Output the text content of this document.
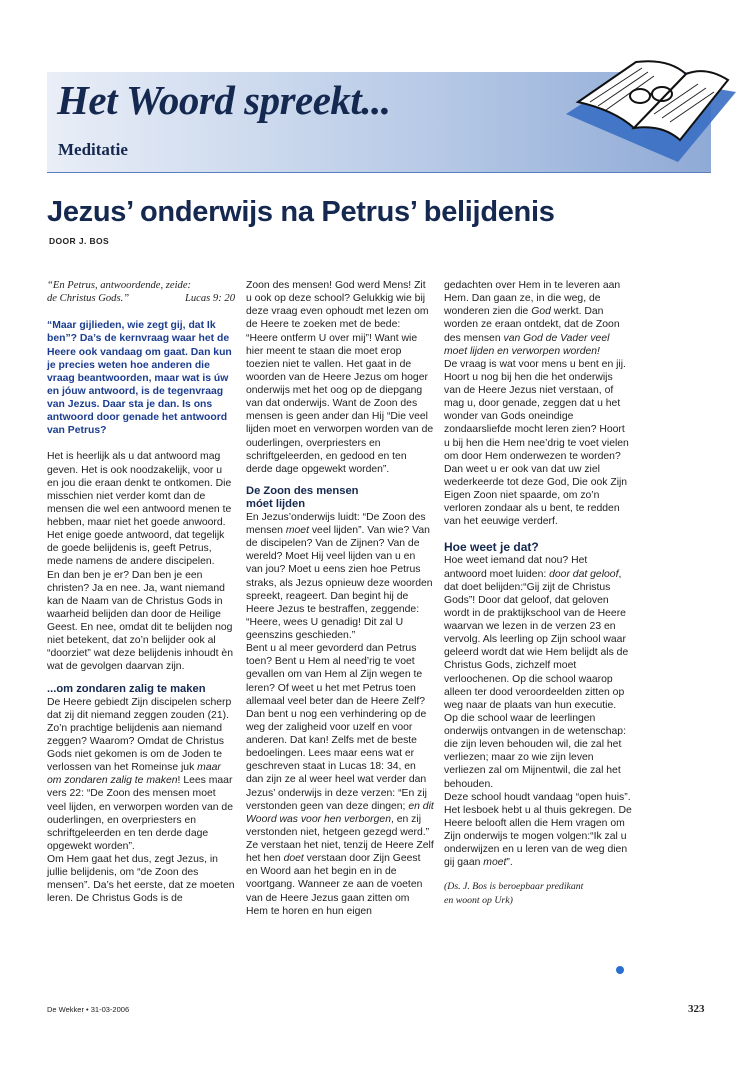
Het Woord spreekt...
Meditatie
Jezus’ onderwijs na Petrus’ belijdenis
DOOR J. BOS

“En Petrus, antwoordende, zeide:

de Christus Gods.”	Lucas 9: 20

“Maar gijlieden, wie zegt gij, dat Ik ben”? Da’s de kernvraag waar het de Heere ook vandaag om gaat. Dan kun je precies weten hoe anderen die vraag beantwoorden, maar wat is úw en jóuw antwoord, is de tegenvraag van Jezus. Daar sta je dan. Is ons antwoord door genade het antwoord van Petrus?

Het is heerlijk als u dat antwoord mag geven. Het is ook noodzakelijk, voor u en jou die eraan denkt te ontkomen. Die misschien niet verder komt dan de mensen die wel een antwoord menen te hebben, maar niet het goede anwoord. Het enige goede antwoord, dat tegelijk de goede belijdenis is, geeft Petrus, mede namens de andere discipelen.

En dan ben je er? Dan ben je een christen? Ja en nee. Ja, want niemand kan de Naam van de Christus Gods in waarheid belijden dan door de Heilige Geest. En nee, omdat dit te belijden nog niet betekent, dat zo’n belijder ook al “doorziet” wat deze belijdenis inhoudt èn wat de gevolgen daarvan zijn.

...om zondaren zalig te maken

De Heere gebiedt Zijn discipelen scherp dat zij dit niemand zeggen zouden (21). Zo’n prachtige belijdenis aan niemand zeggen? Waarom? Omdat de Christus Gods niet gekomen is om de Joden te verlossen van het Romeinse juk maar om zondaren zalig te maken! Lees maar vers 22: “De Zoon des mensen moet veel lijden, en verworpen worden van de ouderlingen, en overpriesters en schriftgeleerden en ten derde dage opgewekt worden”.

Om Hem gaat het dus, zegt Jezus, in jullie belijdenis, om “de Zoon des mensen”. Da’s het eerste, dat ze moeten leren. De Christus Gods is de

Zoon des mensen! God werd Mens! Zit u ook op deze school? Gelukkig wie bij deze vraag even ophoudt met lezen om de Heere te zoeken met de bede: “Heere ontferm U over mij”! Want wie hier meent te staan die moet erop toezien niet te vallen. Het gaat in de woorden van de Heere Jezus om hoger onderwijs met het oog op de diepgang van dat onderwijs. Want de Zoon des mensen is geen ander dan Hij “Die veel lijden moet en verworpen worden van de ouderlingen, overpriesters en schriftgeleerden, en gedood en ten derde dage opgewekt worden”.

De Zoon des mensen móet lijden

En Jezus’onderwijs luidt: “De Zoon des mensen moet veel lijden”. Van wie? Van de discipelen? Van de Zijnen? Van de wereld? Moet Hij veel lijden van u en van jou? Moet u eens zien hoe Petrus straks, als Jezus opnieuw deze woorden spreekt, reageert. Dan begint hij de Heere Jezus te bestraffen, zeggende: “Heere, wees U genadig! Dit zal U geenszins geschieden.”

Bent u al meer gevorderd dan Petrus toen? Bent u Hem al need’rig te voet gevallen om van Hem al Zijn wegen te leren? Of weet u het met Petrus toen allemaal veel beter dan de Heere Zelf? Dan bent u nog een verhindering op de weg der zaligheid voor uzelf en voor anderen. Dat kan! Zelfs met de beste bedoelingen. Lees maar eens wat er geschreven staat in Lucas 18: 34, en dan zijn ze al weer heel wat verder dan Jezus’ onderwijs in deze verzen: “En zij verstonden geen van deze dingen; en dit Woord was voor hen verborgen, en zij verstonden niet, hetgeen gezegd werd.”

Ze verstaan het niet, tenzij de Heere Zelf het hen doet verstaan door Zijn Geest en Woord aan het begin en in de voortgang. Wanneer ze aan de voeten van de Heere Jezus gaan zitten om Hem te horen en hun eigen

gedachten over Hem in te leveren aan Hem. Dan gaan ze, in die weg, de wonderen zien die God werkt. Dan worden ze eraan ontdekt, dat de Zoon des mensen van God de Vader veel moet lijden en verworpen worden!

De vraag is wat voor mens u bent en jij. Hoort u nog bij hen die het onderwijs van de Heere Jezus niet verstaan, of mag u, door genade, zeggen dat u het wonder van Gods oneindige zondaarsliefde mocht leren zien? Hoort u bij hen die Hem nee’drig te voet vielen om door Hem onderwezen te worden? Dan weet u er ook van dat uw ziel wederkeerde tot deze God, Die ook Zijn Eigen Zoon niet spaarde, om zo’n verloren zondaar als u bent, te redden van het eeuwige verderf.

Hoe weet je dat?

Hoe weet iemand dat nou? Het antwoord moet luiden: door dat geloof, dat doet belijden:“Gij zijt de Christus Gods”! Door dat geloof, dat geloven wordt in de praktijkschool van de Heere waarvan we lezen in de verzen 23 en vervolg. Als leerling op Zijn school waar geleerd wordt dat wie Hem belijdt als de Christus Gods, zichzelf moet verloochenen. Op die school waarop alleen ter dood veroordeelden zitten op weg naar de plaats van hun executie. Op die school waar de leerlingen onderwijs ontvangen in de wetenschap: die zijn leven behouden wil, die zal het verliezen; maar zo wie zijn leven verliezen zal om Mijnentwil, die zal het behouden.

Deze school houdt vandaag “open huis”. Het lesboek hebt u al thuis gekregen. De Heere belooft allen die Hem vragen om Zijn onderwijs te mogen volgen:“Ik zal u onderwijzen en u leren van de weg dien gij gaan moet”.

(Ds. J. Bos is beroepbaar predikant
en woont op Urk)

De Wekker • 31-03-2006	323
